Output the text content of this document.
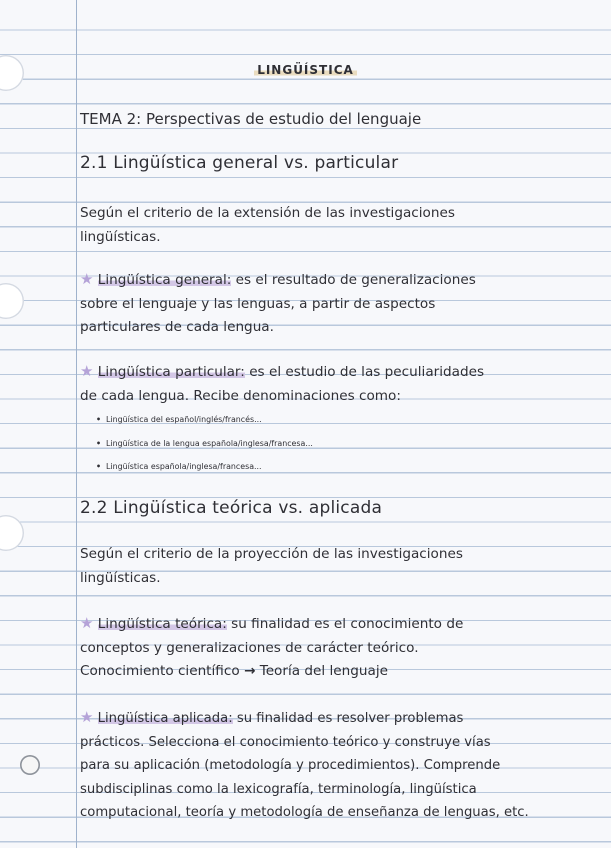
LINGÜÍSTICA
TEMA 2: Perspectivas de estudio del lenguaje
2.1 Lingüística general vs. particular
Según el criterio de la extensión de las investigaciones
lingüísticas.
★ Lingüística general: es el resultado de generalizaciones
sobre el lenguaje y las lenguas, a partir de aspectos
particulares de cada lengua.
★ Lingüística particular: es el estudio de las peculiaridades
de cada lengua. Recibe denominaciones como:
• Lingüística del español/inglés/francés...
• Lingüística de la lengua española/inglesa/francesa...
• Lingüística española/inglesa/francesa...
2.2 Lingüística teórica vs. aplicada
Según el criterio de la proyección de las investigaciones
lingüísticas.
★ Lingüística teórica: su finalidad es el conocimiento de
conceptos y generalizaciones de carácter teórico.
Conocimiento científico → Teoría del lenguaje
★ Lingüística aplicada: su finalidad es resolver problemas
prácticos. Selecciona el conocimiento teórico y construye vías
para su aplicación (metodología y procedimientos). Comprende
subdisciplinas como la lexicografía, terminología, lingüística
computacional, teoría y metodología de enseñanza de lenguas, etc.
